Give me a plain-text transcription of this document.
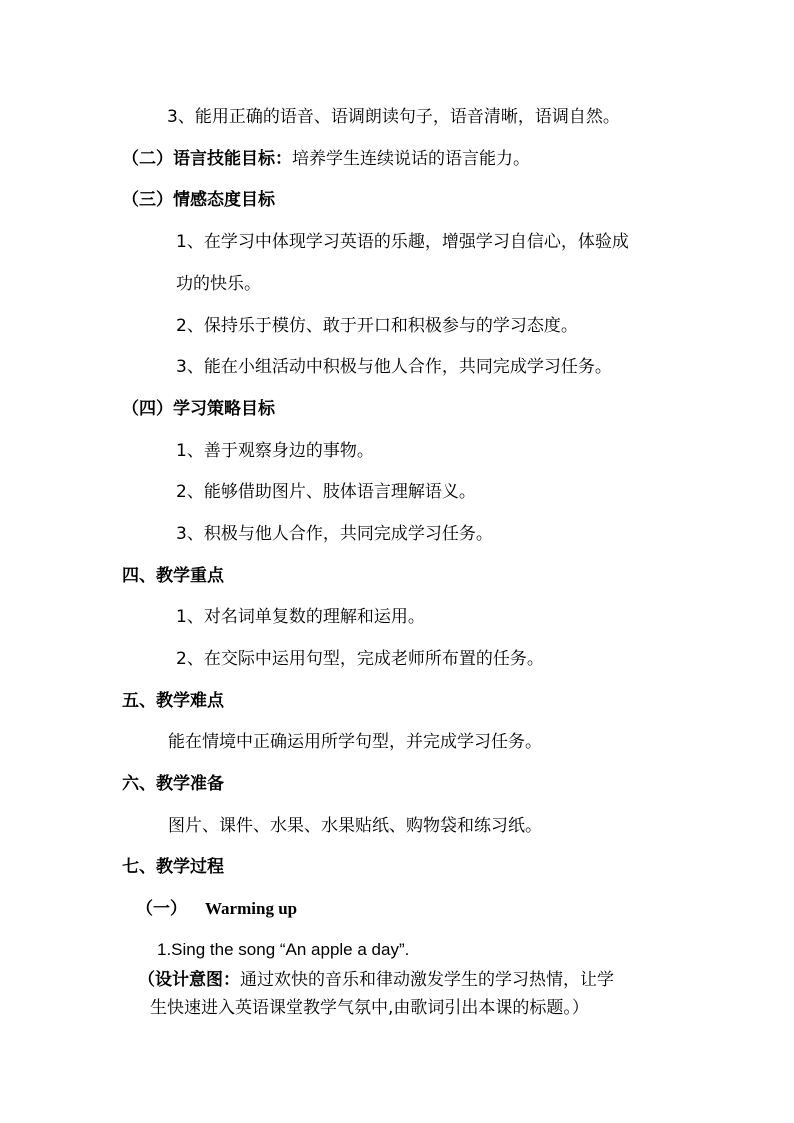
3、能用正确的语音、语调朗读句子，语音清晰，语调自然。
（二）语言技能目标：培养学生连续说话的语言能力。
（三）情感态度目标
1、在学习中体现学习英语的乐趣，增强学习自信心，体验成
功的快乐。
2、保持乐于模仿、敢于开口和积极参与的学习态度。
3、能在小组活动中积极与他人合作，共同完成学习任务。
（四）学习策略目标
1、善于观察身边的事物。
2、能够借助图片、肢体语言理解语义。
3、积极与他人合作，共同完成学习任务。
四、教学重点
1、对名词单复数的理解和运用。
2、在交际中运用句型，完成老师所布置的任务。
五、教学难点
能在情境中正确运用所学句型，并完成学习任务。
六、教学准备
图片、课件、水果、水果贴纸、购物袋和练习纸。
七、教学过程
（一） Warming up
1.Sing the song “An apple a day”.
（设计意图：通过欢快的音乐和律动激发学生的学习热情，让学
生快速进入英语课堂教学气氛中,由歌词引出本课的标题。）
